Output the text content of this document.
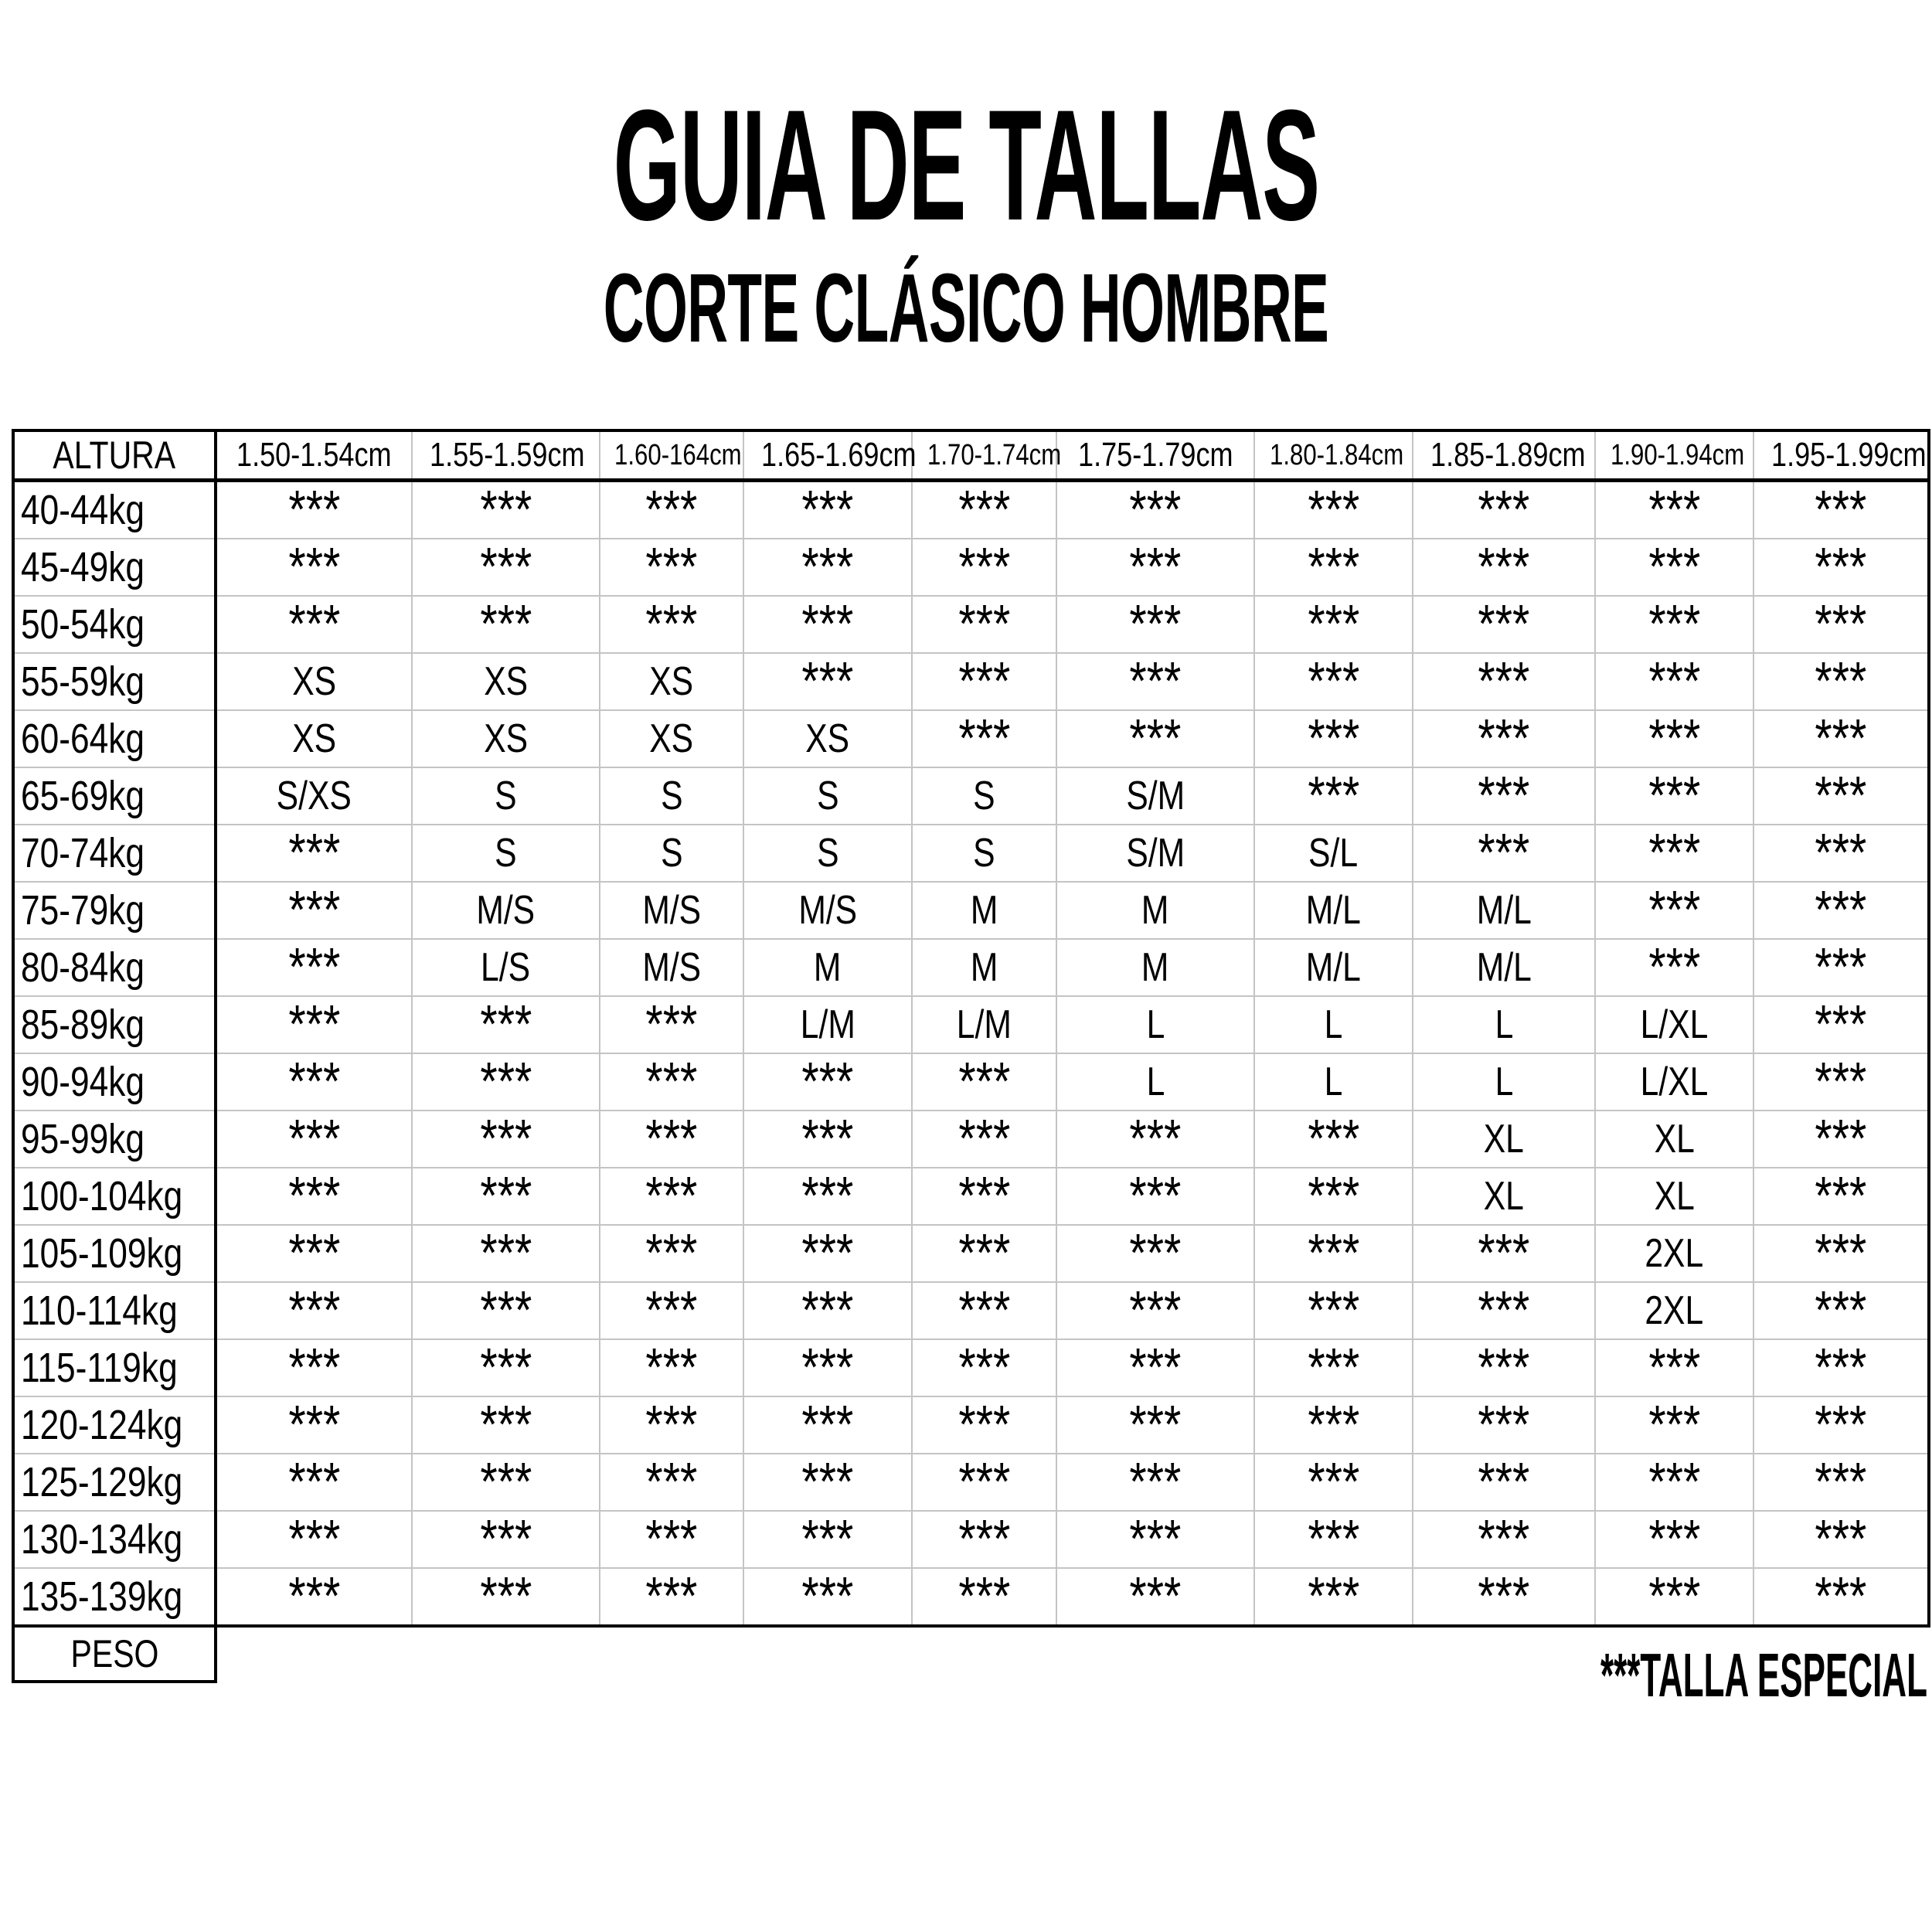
GUIA DE TALLAS
CORTE CLÁSICO HOMBRE
ALTURA	1.50-1.54cm	1.55-1.59cm	1.60-164cm	1.65-1.69cm	1.70-1.74cm	1.75-1.79cm	1.80-1.84cm	1.85-1.89cm	1.90-1.94cm	1.95-1.99cm
40-44kg	***	***	***	***	***	***	***	***	***	***
45-49kg	***	***	***	***	***	***	***	***	***	***
50-54kg	***	***	***	***	***	***	***	***	***	***
55-59kg	XS	XS	XS	***	***	***	***	***	***	***
60-64kg	XS	XS	XS	XS	***	***	***	***	***	***
65-69kg	S/XS	S	S	S	S	S/M	***	***	***	***
70-74kg	***	S	S	S	S	S/M	S/L	***	***	***
75-79kg	***	M/S	M/S	M/S	M	M	M/L	M/L	***	***
80-84kg	***	L/S	M/S	M	M	M	M/L	M/L	***	***
85-89kg	***	***	***	L/M	L/M	L	L	L	L/XL	***
90-94kg	***	***	***	***	***	L	L	L	L/XL	***
95-99kg	***	***	***	***	***	***	***	XL	XL	***
100-104kg	***	***	***	***	***	***	***	XL	XL	***
105-109kg	***	***	***	***	***	***	***	***	2XL	***
110-114kg	***	***	***	***	***	***	***	***	2XL	***
115-119kg	***	***	***	***	***	***	***	***	***	***
120-124kg	***	***	***	***	***	***	***	***	***	***
125-129kg	***	***	***	***	***	***	***	***	***	***
130-134kg	***	***	***	***	***	***	***	***	***	***
135-139kg	***	***	***	***	***	***	***	***	***	***
PESO											***TALLA ESPECIAL
